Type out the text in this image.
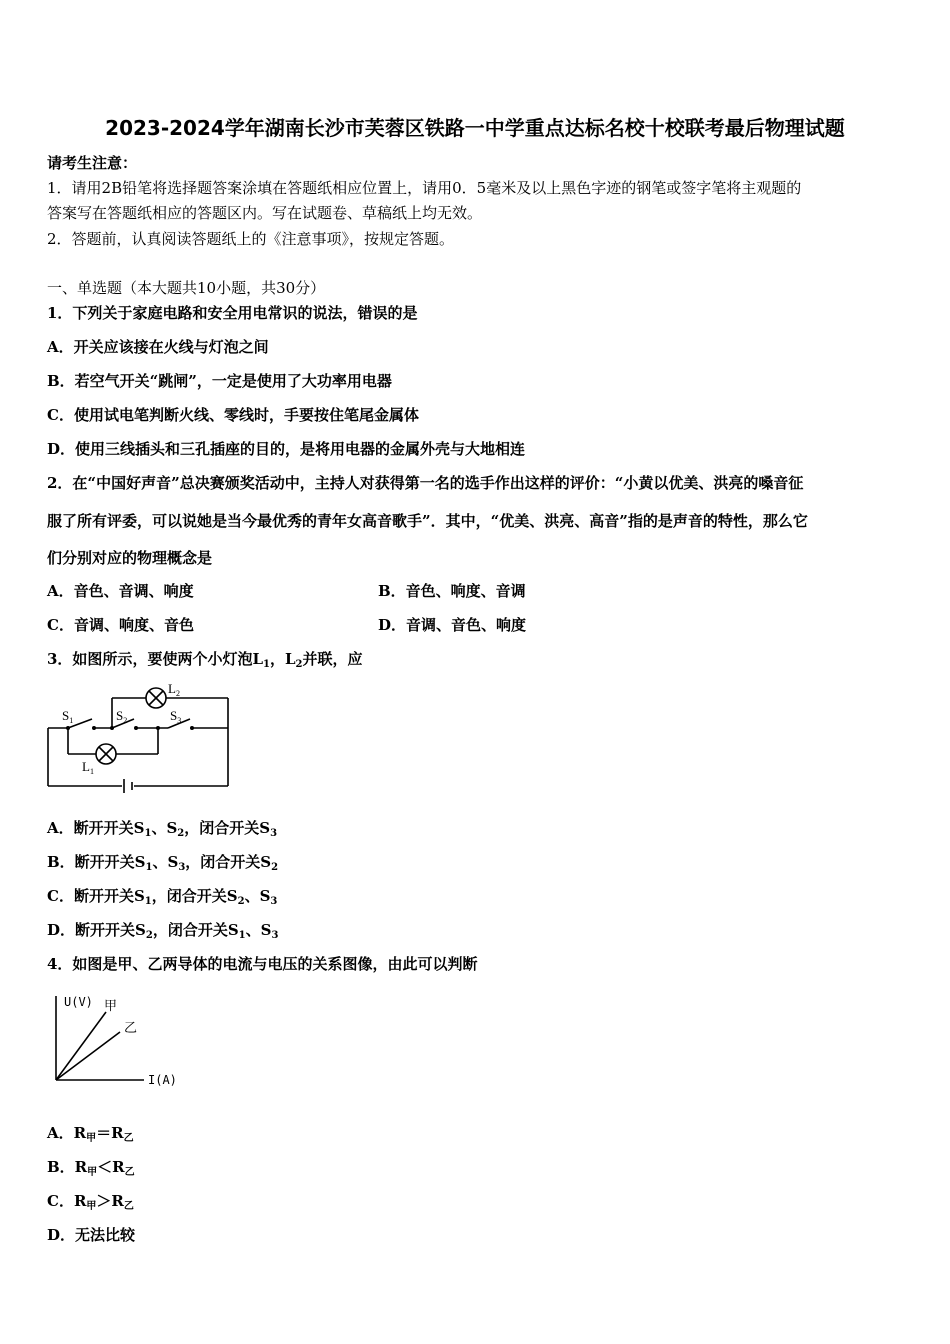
2023-2024学年湖南长沙市芙蓉区铁路一中学重点达标名校十校联考最后物理试题
请考生注意：
1．请用2B铅笔将选择题答案涂填在答题纸相应位置上，请用0．5毫米及以上黑色字迹的钢笔或签字笔将主观题的
答案写在答题纸相应的答题区内。写在试题卷、草稿纸上均无效。
2．答题前，认真阅读答题纸上的《注意事项》，按规定答题。
一、单选题（本大题共10小题，共30分）
1．下列关于家庭电路和安全用电常识的说法，错误的是
A．开关应该接在火线与灯泡之间
B．若空气开关“跳闸”，一定是使用了大功率用电器
C．使用试电笔判断火线、零线时，手要按住笔尾金属体
D．使用三线插头和三孔插座的目的，是将用电器的金属外壳与大地相连
2．在“中国好声音”总决赛颁奖活动中，主持人对获得第一名的选手作出这样的评价：“小黄以优美、洪亮的嗓音征
服了所有评委，可以说她是当今最优秀的青年女高音歌手”．其中，“优美、洪亮、高音”指的是声音的特性，那么它
们分别对应的物理概念是
A．音色、音调、响度	B．音色、响度、音调
C．音调、响度、音色	D．音调、音色、响度
3．如图所示，要使两个小灯泡$L_1$，$L_2$并联，应
$S_1$	$S_2$	$S_3$
$L_2$
$L_1$
A．断开开关$S_1$、$S_2$，闭合开关$S_3$
B．断开开关$S_1$、$S_3$，闭合开关$S_2$
C．断开开关$S_1$，闭合开关$S_2$、$S_3$
D．断开开关$S_2$，闭合开关$S_1$、$S_3$
4．如图是甲、乙两导体的电流与电压的关系图像，由此可以判断
U(V)
I(A)
甲
乙
A．$R_甲=R_乙$
B．$R_甲<R_乙$
C．$R_甲>R_乙$
D．无法比较
